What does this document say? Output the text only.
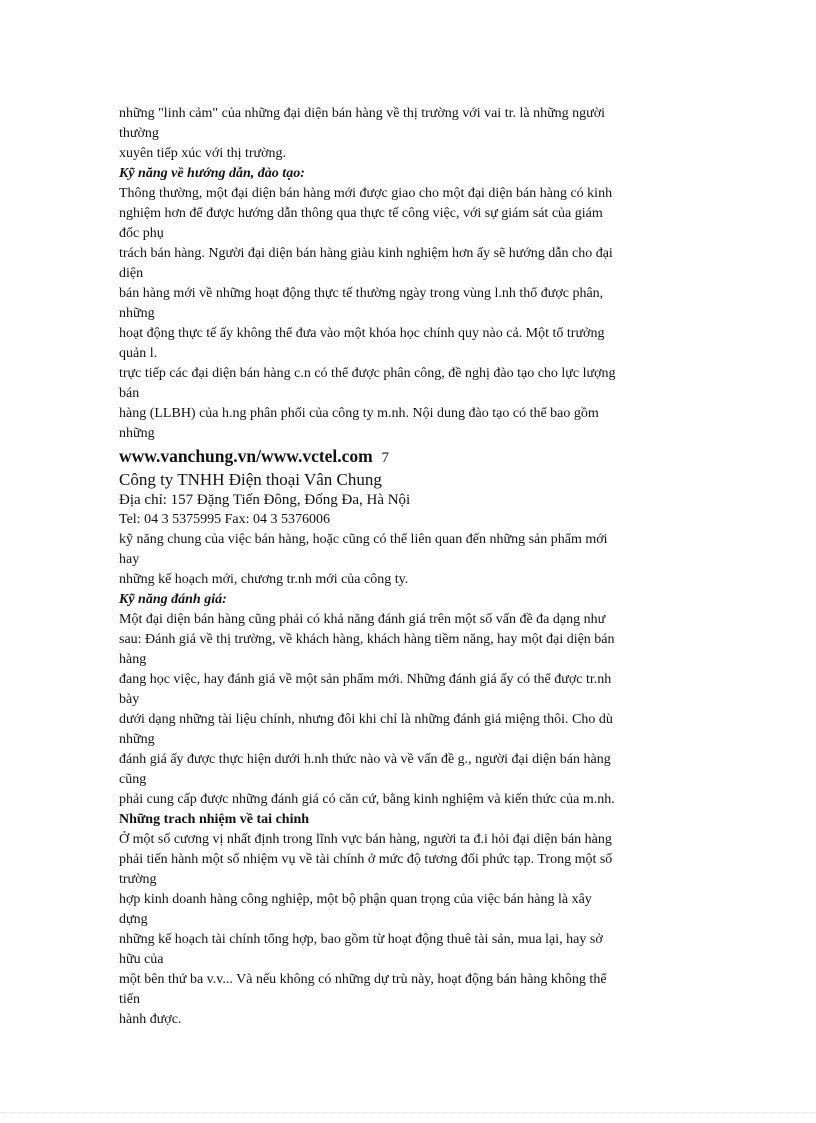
những "linh cảm" của những đại diện bán hàng về thị trường với vai tr. là những người
thường
xuyên tiếp xúc với thị trường.
Kỹ năng về hướng dẫn, đào tạo:
Thông thường, một đại diện bán hàng mới được giao cho một đại diện bán hàng có kinh
nghiệm hơn để được hướng dẫn thông qua thực tế công việc, với sự giám sát của giám
đốc phụ
trách bán hàng. Người đại diện bán hàng giàu kinh nghiệm hơn ấy sẽ hướng dẫn cho đại
diện
bán hàng mới về những hoạt động thực tế thường ngày trong vùng l.nh thổ được phân,
những
hoạt động thực tế ấy không thể đưa vào một khóa học chính quy nào cả. Một tổ trưởng
quản l.
trực tiếp các đại diện bán hàng c.n có thể được phân công, đề nghị đào tạo cho lực lượng
bán
hàng (LLBH) của h.ng phân phối của công ty m.nh. Nội dung đào tạo có thể bao gồm
những
www.vanchung.vn/www.vctel.com 7
Công ty TNHH Điện thoại Vân Chung
Địa chỉ: 157 Đặng Tiến Đông, Đống Đa, Hà Nội
Tel: 04 3 5375995 Fax: 04 3 5376006
kỹ năng chung của việc bán hàng, hoặc cũng có thể liên quan đến những sản phẩm mới
hay
những kế hoạch mới, chương tr.nh mới của công ty.
Kỹ năng đánh giá:
Một đại diện bán hàng cũng phải có khả năng đánh giá trên một số vấn đề đa dạng như
sau: Đánh giá về thị trường, về khách hàng, khách hàng tiềm năng, hay một đại diện bán
hàng
đang học việc, hay đánh giá về một sản phẩm mới. Những đánh giá ấy có thể được tr.nh
bày
dưới dạng những tài liệu chính, nhưng đôi khi chỉ là những đánh giá miệng thôi. Cho dù
những
đánh giá ấy được thực hiện dưới h.nh thức nào và về vấn đề g., người đại diện bán hàng
cũng
phải cung cấp được những đánh giá có căn cứ, bằng kinh nghiệm và kiến thức của m.nh.
Những trach nhiệm về tai chinh
Ở một số cương vị nhất định trong lĩnh vực bán hàng, người ta đ.i hỏi đại diện bán hàng
phải tiến hành một số nhiệm vụ về tài chính ở mức độ tương đối phức tạp. Trong một số
trường
hợp kinh doanh hàng công nghiệp, một bộ phận quan trọng của việc bán hàng là xây
dựng
những kế hoạch tài chính tổng hợp, bao gồm từ hoạt động thuê tài sản, mua lại, hay sở
hữu của
một bên thứ ba v.v... Và nếu không có những dự trù này, hoạt động bán hàng không thể
tiến
hành được.
